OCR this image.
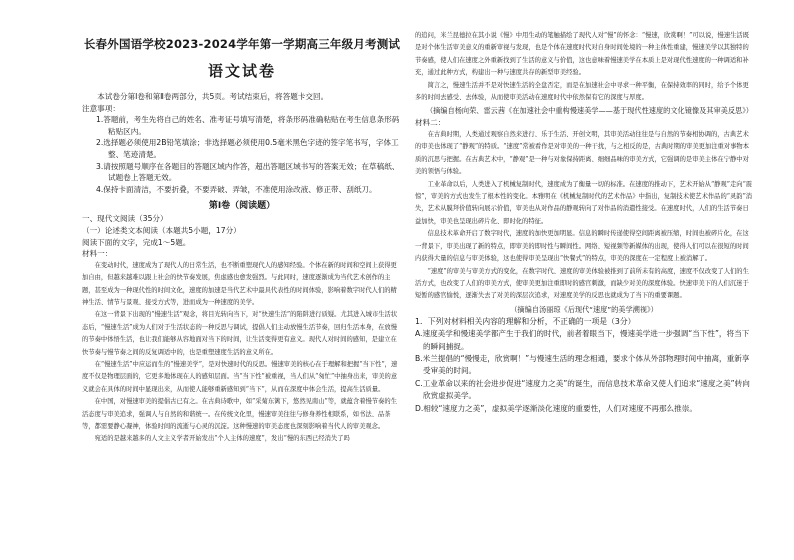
长春外国语学校2023-2024学年第一学期高三年级月考测试
语文试卷

本试卷分第Ⅰ卷和第Ⅱ卷两部分，共5页。考试结束后，将答题卡交回。

注意事项：

1.答题前，考生先将自己的姓名、准考证号填写清楚，将条形码准确粘贴在考生信息条形码粘贴区内。

2.选择题必须使用2B铅笔填涂；非选择题必须使用0.5毫米黑色字迹的签字笔书写，字体工整、笔迹清楚。

3.请按照题号顺序在各题目的答题区域内作答，超出答题区域书写的答案无效；在草稿纸、试题卷上答题无效。

4.保持卡面清洁，不要折叠，不要弄破、弄皱，不准使用涂改液、修正带、刮纸刀。

第Ⅰ卷（阅读题）

一、现代文阅读（35分）

（一）论述类文本阅读（本题共5小题，17分）

阅读下面的文字，完成1～5题。

材料一：

在变动时代，速度成为了现代人的日常生活，也不断重塑现代人的感知经验。个体在新的时间和空间上获得更加自由，但越来越难以跟上社会的快节奏发展，焦虑感也愈发强烈。与此同时，速度逐渐成为当代艺术创作的主题，甚至成为一种现代性的时间文化，速度的加速是当代艺术中最具代表性的时间体验，影响着数字时代人们的精神生活、情节与景观、接受方式等，进而成为一种速度的美学。

在这一背景下出现的“慢速生活”观念，将目光转向当下，对“快速生活”的陷阱进行质疑。尤其进入城市生活状态后，“慢速生活”成为人们对于生活状态的一种反思与调试，提倡人们主动放慢生活节奏，回归生活本身，在放慢的节奏中体悟生活，也让我们能够从容地面对当下的时间，让生活变得更有意义。现代人对时间的感知，是建立在快节奏与慢节奏之间的反复调适中的，也是重塑速度生活的意义所在。

在“慢速生活”中应运而生的“慢速美学”，是对快速时代的反思。慢速审美的核心在于理解和把握“当下性”，速度不仅是物理层面的，它更多地体现在人的感知层面。当“当下性”被重视，当人们从“匆忙”中抽身出来，审美的意义就会在具体的时间中显现出来，从而使人能够重新感知到“当下”，从而在深度中体会生活，提高生活质量。

在中国，对慢速审美的提倡古已有之。在古典诗歌中，如“采菊东篱下，悠然见南山”等，就蕴含着慢节奏的生活态度与审美追求，强调人与自然的和谐统一。在传统文化里，慢速审美往往与修身养性相联系，如书法、品茶等，都需要静心凝神，体验时间的流逝与心灵的沉淀。这种慢速的审美态度也深刻影响着当代人的审美观念。

宛适的是越来越多的人文主义学者开始发出“个人主体的速度”，发出“慢的东西已经消失了吗

的追问，米兰昆德拉在其小说《慢》中用生动的笔触描绘了现代人对“慢”的怀念：“慢速，欣赏啊！”可以说，慢速生活既是对个体生活审美意义的重新审视与发现，也是个体在速度时代对自身时间处境的一种主体性重建，慢速美学以其独特的节奏感，使人们在速度之外重新找到了生活的意义与价值，这也意味着慢速美学在本质上是对现代性速度的一种调适和补充，通过此种方式，构建出一种与速度共存的新型审美经验。

简言之，慢速生活并不是对快速生活的全盘否定，而是在加速社会中寻求一种平衡，在保持效率的同时，给予个体更多的时间去感受、去体验，从而使审美活动在速度时代中依然保有它的深度与厚度。

（摘编自杨向荣、雷云茜《在加速社会中重构慢速美学——基于现代性速度的文化镜像及其审美反思》）

材料二：

在古典时期，人类通过观察自然来进行、乐于生活、开创文明，其审美活动往往是与自然的节奏相协调的，古典艺术的审美也体现了“静观”的特质。“速度”常被看作是对审美的一种干扰，与之相反的是，古典时期的审美更加注重对事物本质的沉思与把握。在古典艺术中，“静观”是一种与对象保持距离、细细品味的审美方式，它强调的是审美主体在宁静中对美的领悟与体验。

工业革命以后，人类进入了机械复制时代，速度成为了衡量一切的标准。在速度的推动下，艺术开始从“静观”走向“震惊”，审美的方式也发生了根本性的变化。本雅明在《机械复制时代的艺术作品》中指出，复制技术使艺术作品的“灵韵”消失，艺术从膜拜价值转向展示价值，审美也从对作品的静观转向了对作品的消遣性接受。在速度时代，人们的生活节奏日益加快，审美也呈现出碎片化、即时化的特征。

信息技术革命开启了数字时代，速度的加快更加明显。信息的瞬时传递使得空间距离被压缩，时间也被碎片化，在这一背景下，审美出现了新的特点，即审美的即时性与瞬间性。网络、短视频等新媒体的出现，使得人们可以在很短的时间内获得大量的信息与审美体验，这也使得审美呈现出“快餐式”的特点，审美的深度在一定程度上被消解了。

“速度”的审美与审美方式的变化，在数字时代、速度的审美体验被推到了前所未有的高度，速度不仅改变了人们的生活方式，也改变了人们的审美方式，使审美更加注重即时的感官刺激，而缺少对美的深度体验。快速审美下的人们沉迷于短暂的感官愉悦，逐渐失去了对美的深层次追求，对速度美学的反思也就成为了当下的重要课题。

（摘编自汤丽琼《后现代“速度”的美学溯视》）

1．下列对材料相关内容的理解和分析，不正确的一项是（3分）

A.速度美学和慢速美学都产生于我们的时代，前者着眼当下，慢速美学进一步强调“当下性”，将当下的瞬间捕捉。

B.米兰提倡的“慢慢走，欣赏啊！”与慢速生活的理念相通，要求个体从外部物理时间中抽离，重新享受审美的时间。

C.工业革命以来的社会进步促进“速度力之美”的诞生，而信息技术革命又使人们追求“速度之美”转向欣赏虚拟美学。

D.相较“速度力之美”，虚拟美学逐渐淡化速度的重要性，人们对速度不再那么推崇。
